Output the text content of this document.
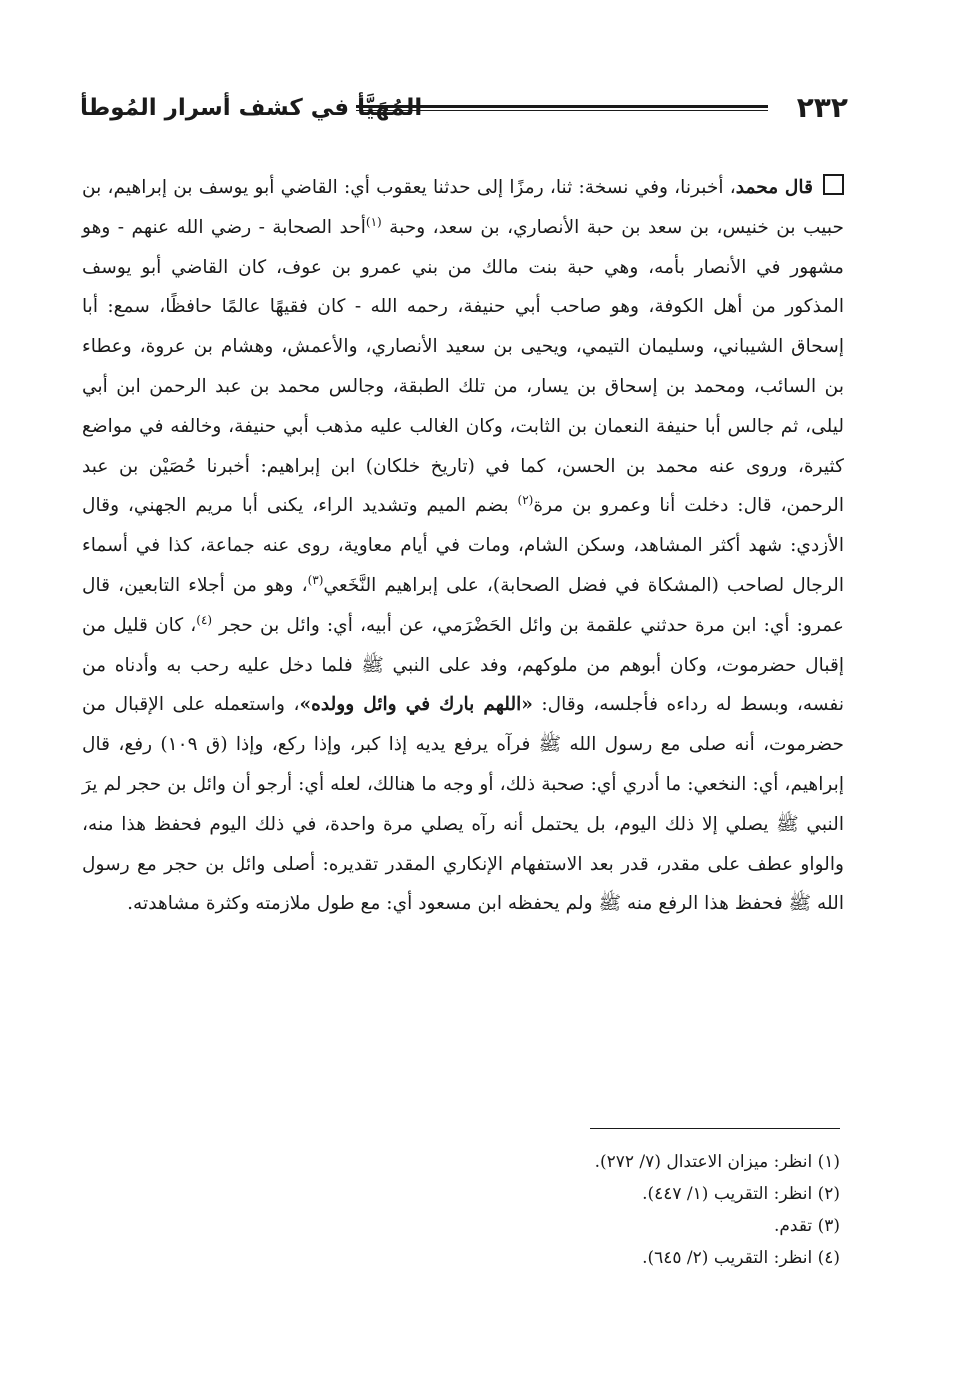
٢٣٢
المُهَيَّأ في كشف أسرار المُوطأ

قال محمد، أخبرنا، وفي نسخة: ثنا، رمزًا إلى حدثنا يعقوب أي: القاضي أبو يوسف بن إبراهيم، بن حبيب بن خنيس، بن سعد بن حبة الأنصاري، بن سعد، وحبة $^{(١)}$أحد الصحابة - رضي الله عنهم - وهو مشهور في الأنصار بأمه، وهي حبة بنت مالك من بني عمرو بن عوف، كان القاضي أبو يوسف المذكور من أهل الكوفة، وهو صاحب أبي حنيفة، رحمه الله - كان فقيهًا عالمًا حافظًا، سمع: أبا إسحاق الشيباني، وسليمان التيمي، ويحيى بن سعيد الأنصاري، والأعمش، وهشام بن عروة، وعطاء بن السائب، ومحمد بن إسحاق بن يسار، من تلك الطبقة، وجالس محمد بن عبد الرحمن ابن أبي ليلى، ثم جالس أبا حنيفة النعمان بن الثابت، وكان الغالب عليه مذهب أبي حنيفة، وخالفه في مواضع كثيرة، وروى عنه محمد بن الحسن، كما في (تاريخ خلكان) ابن إبراهيم: أخبرنا حُصَيْن بن عبد الرحمن، قال: دخلت أنا وعمرو بن مرة$^{(٢)}$ بضم الميم وتشديد الراء، يكنى أبا مريم الجهني، وقال الأزدي: شهد أكثر المشاهد، وسكن الشام، ومات في أيام معاوية، روى عنه جماعة، كذا في أسماء الرجال لصاحب (المشكاة في فضل الصحابة)، على إبراهيم النَّخَعي$^{(٣)}$، وهو من أجلاء التابعين، قال عمرو: أي: ابن مرة حدثني علقمة بن وائل الحَضْرَمي، عن أبيه، أي: وائل بن حجر $^{(٤)}$، كان قليل من إقبال حضرموت، وكان أبوهم من ملوكهم، وفد على النبي ﷺ فلما دخل عليه رحب به وأدناه من نفسه، وبسط له رداءه فأجلسه، وقال: «اللهم بارك في وائل وولده»، واستعمله على الإقبال من حضرموت، أنه صلى مع رسول الله ﷺ فرآه يرفع يديه إذا كبر، وإذا ركع، وإذا (ق ١٠٩) رفع، قال إبراهيم، أي: النخعي: ما أدري أي: صحبة ذلك، أو وجه ما هنالك، لعله أي: أرجو أن وائل بن حجر لم يرَ النبي ﷺ يصلي إلا ذلك اليوم، بل يحتمل أنه رآه يصلي مرة واحدة، في ذلك اليوم فحفظ هذا منه، والواو عطف على مقدر، قدر بعد الاستفهام الإنكاري المقدر تقديره: أصلى وائل بن حجر مع رسول الله ﷺ فحفظ هذا الرفع منه ﷺ ولم يحفظه ابن مسعود أي: مع طول ملازمته وكثرة مشاهدته.

(١) انظر: ميزان الاعتدال (٧/ ٢٧٢).
(٢) انظر: التقريب (١/ ٤٤٧).
(٣) تقدم.
(٤) انظر: التقريب (٢/ ٦٤٥).
